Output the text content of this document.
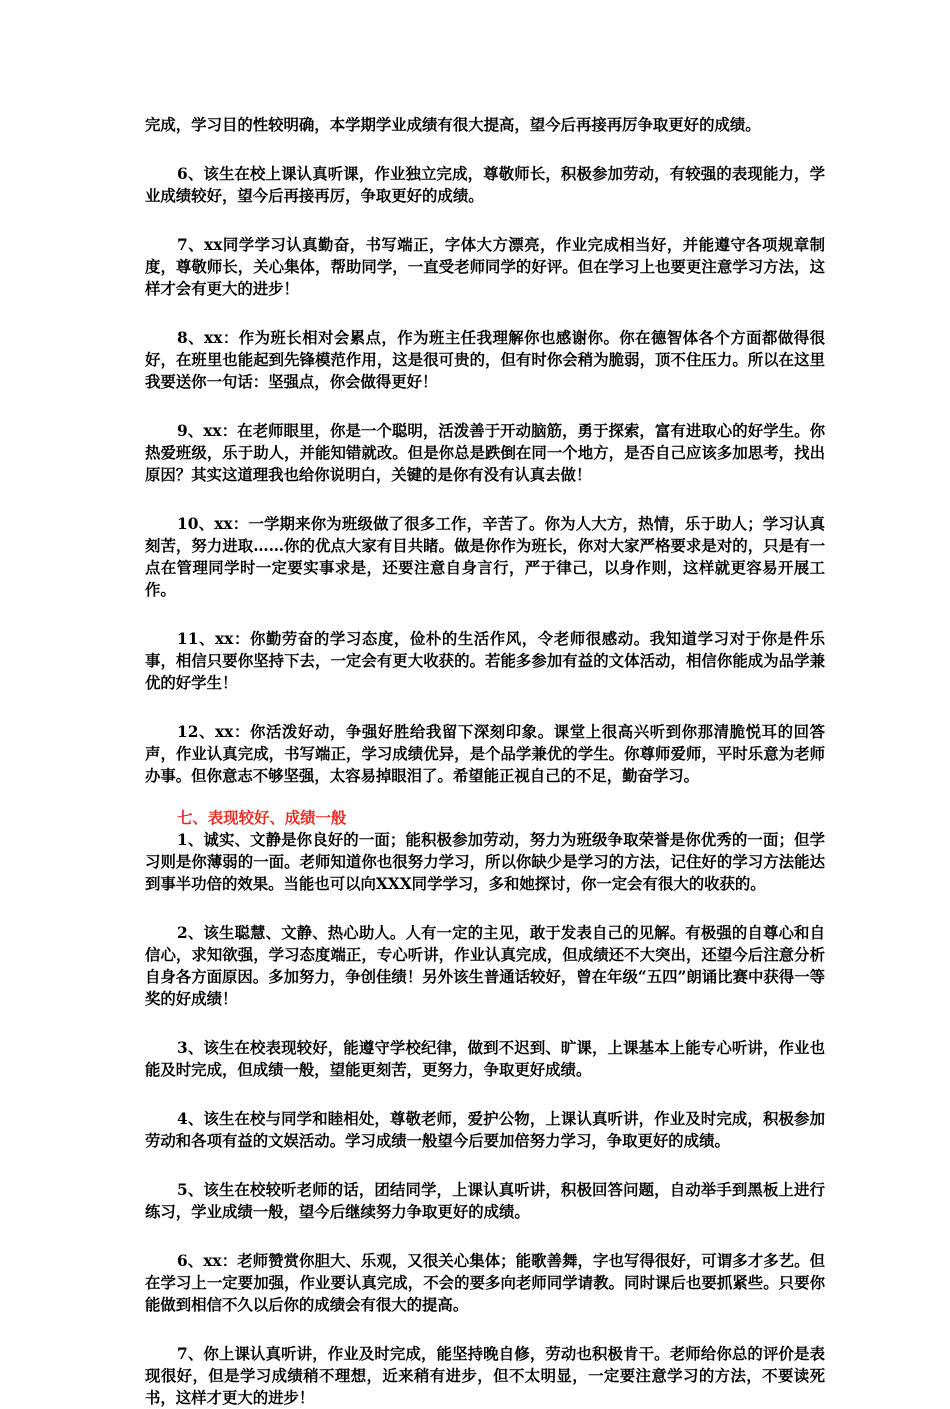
完成，学习目的性较明确，本学期学业成绩有很大提高，望今后再接再厉争取更好的成绩。

6、该生在校上课认真听课，作业独立完成，尊敬师长，积极参加劳动，有较强的表现能力，学业成绩较好，望今后再接再厉，争取更好的成绩。

7、xx同学学习认真勤奋，书写端正，字体大方漂亮，作业完成相当好，并能遵守各项规章制度，尊敬师长，关心集体，帮助同学，一直受老师同学的好评。但在学习上也要更注意学习方法，这样才会有更大的进步！

8、xx：作为班长相对会累点，作为班主任我理解你也感谢你。你在德智体各个方面都做得很好，在班里也能起到先锋模范作用，这是很可贵的，但有时你会稍为脆弱，顶不住压力。所以在这里我要送你一句话：坚强点，你会做得更好！

9、xx：在老师眼里，你是一个聪明，活泼善于开动脑筋，勇于探索，富有进取心的好学生。你热爱班级，乐于助人，并能知错就改。但是你总是跌倒在同一个地方，是否自己应该多加思考，找出原因？其实这道理我也给你说明白，关键的是你有没有认真去做！

10、xx：一学期来你为班级做了很多工作，辛苦了。你为人大方，热情，乐于助人；学习认真刻苦，努力进取……你的优点大家有目共睹。做是你作为班长，你对大家严格要求是对的，只是有一点在管理同学时一定要实事求是，还要注意自身言行，严于律己，以身作则，这样就更容易开展工作。

11、xx：你勤劳奋的学习态度，俭朴的生活作风，令老师很感动。我知道学习对于你是件乐事，相信只要你坚持下去，一定会有更大收获的。若能多参加有益的文体活动，相信你能成为品学兼优的好学生！

12、xx：你活泼好动，争强好胜给我留下深刻印象。课堂上很高兴听到你那清脆悦耳的回答声，作业认真完成，书写端正，学习成绩优异，是个品学兼优的学生。你尊师爱师，平时乐意为老师办事。但你意志不够坚强，太容易掉眼泪了。希望能正视自己的不足，勤奋学习。

七、表现较好、成绩一般

1、诚实、文静是你良好的一面；能积极参加劳动，努力为班级争取荣誉是你优秀的一面；但学习则是你薄弱的一面。老师知道你也很努力学习，所以你缺少是学习的方法，记住好的学习方法能达到事半功倍的效果。当能也可以向XXX同学学习，多和她探讨，你一定会有很大的收获的。

2、该生聪慧、文静、热心助人。人有一定的主见，敢于发表自己的见解。有极强的自尊心和自信心，求知欲强，学习态度端正，专心听讲，作业认真完成，但成绩还不大突出，还望今后注意分析自身各方面原因。多加努力，争创佳绩！另外该生普通话较好，曾在年级“五四”朗诵比赛中获得一等奖的好成绩！

3、该生在校表现较好，能遵守学校纪律，做到不迟到、旷课，上课基本上能专心听讲，作业也能及时完成，但成绩一般，望能更刻苦，更努力，争取更好成绩。

4、该生在校与同学和睦相处，尊敬老师，爱护公物，上课认真听讲，作业及时完成，积极参加劳动和各项有益的文娱活动。学习成绩一般望今后要加倍努力学习，争取更好的成绩。

5、该生在校较听老师的话，团结同学，上课认真听讲，积极回答问题，自动举手到黑板上进行练习，学业成绩一般，望今后继续努力争取更好的成绩。

6、xx：老师赞赏你胆大、乐观，又很关心集体；能歌善舞，字也写得很好，可谓多才多艺。但在学习上一定要加强，作业要认真完成，不会的要多向老师同学请教。同时课后也要抓紧些。只要你能做到相信不久以后你的成绩会有很大的提高。

7、你上课认真听讲，作业及时完成，能坚持晚自修，劳动也积极肯干。老师给你总的评价是表现很好，但是学习成绩稍不理想，近来稍有进步，但不太明显，一定要注意学习的方法，不要读死书，这样才更大的进步！
